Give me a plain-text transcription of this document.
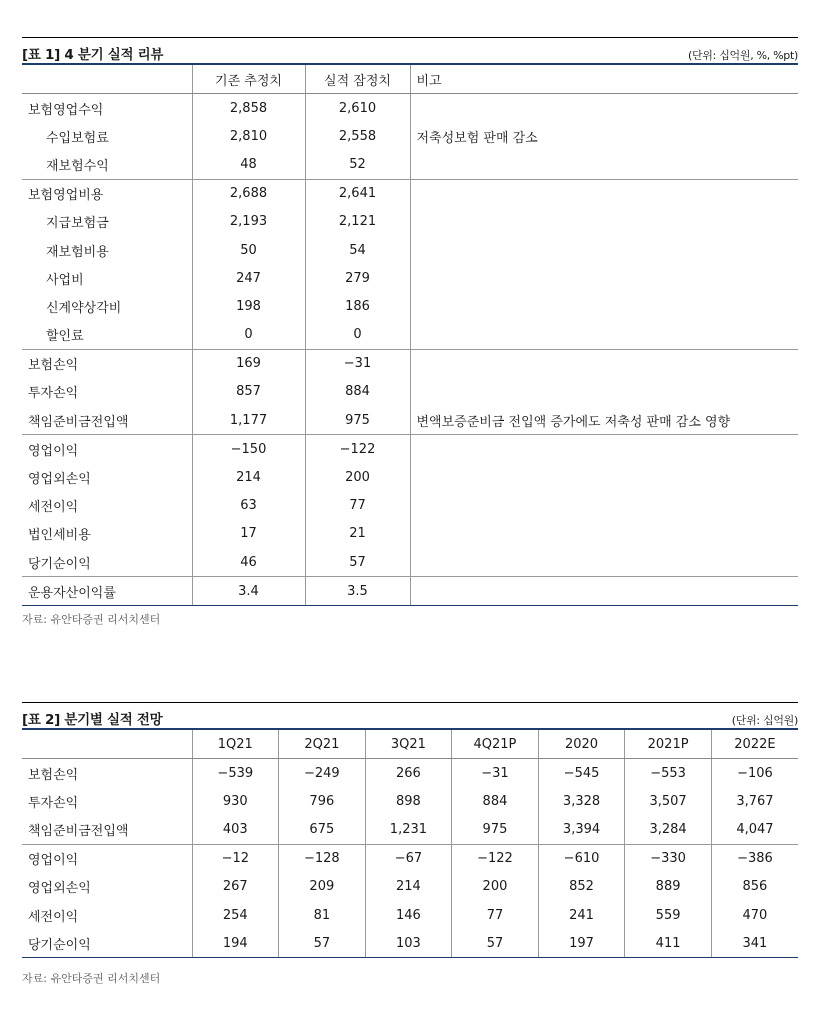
[표 1] 4 분기 실적 리뷰	(단위: 십억원, %, %pt)
	기존 추정치	실적 잠정치	비고
보험영업수익	2,858	2,610	
수입보험료	2,810	2,558	저축성보험 판매 감소
재보험수익	48	52	
보험영업비용	2,688	2,641	
지급보험금	2,193	2,121	
재보험비용	50	54	
사업비	247	279	
신계약상각비	198	186	
할인료	0	0	
보험손익	169	−31	
투자손익	857	884	
책임준비금전입액	1,177	975	변액보증준비금 전입액 증가에도 저축성 판매 감소 영향
영업이익	−150	−122	
영업외손익	214	200	
세전이익	63	77	
법인세비용	17	21	
당기순이익	46	57	
운용자산이익률	3.4	3.5	
자료: 유안타증권 리서치센터
[표 2] 분기별 실적 전망	(단위: 십억원)
	1Q21	2Q21	3Q21	4Q21P	2020	2021P	2022E
보험손익	−539	−249	266	−31	−545	−553	−106
투자손익	930	796	898	884	3,328	3,507	3,767
책임준비금전입액	403	675	1,231	975	3,394	3,284	4,047
영업이익	−12	−128	−67	−122	−610	−330	−386
영업외손익	267	209	214	200	852	889	856
세전이익	254	81	146	77	241	559	470
당기순이익	194	57	103	57	197	411	341
자료: 유안타증권 리서치센터
